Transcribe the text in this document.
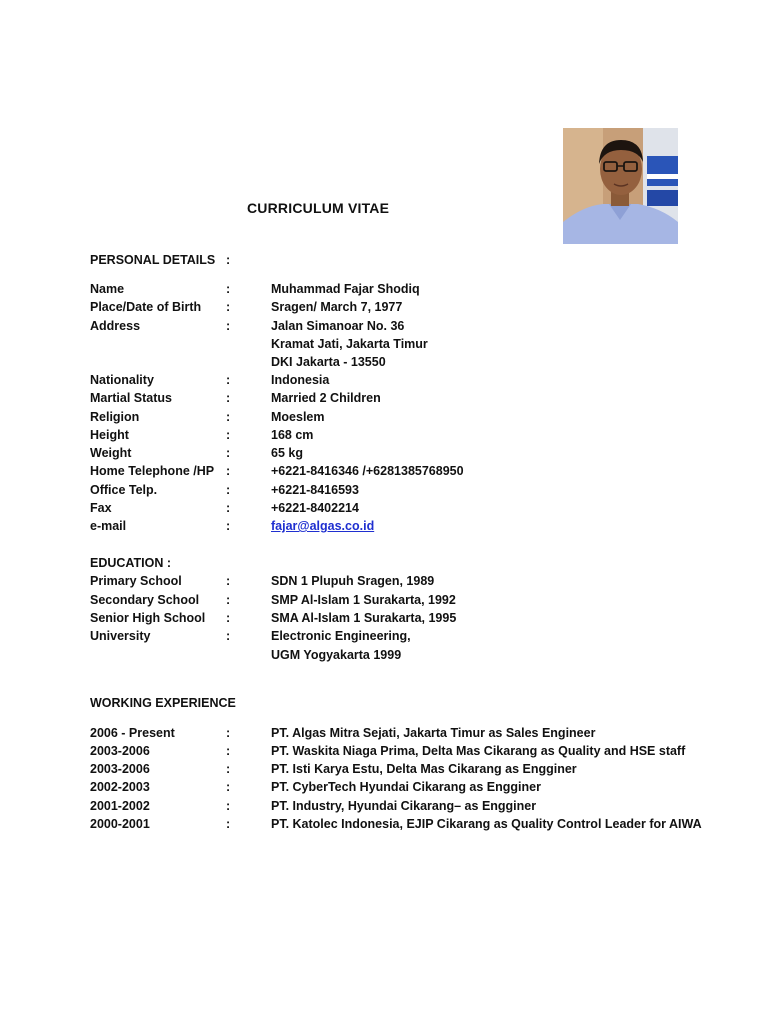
CURRICULUM VITAE
PERSONAL DETAILS :
Name	:	Muhammad Fajar Shodiq
Place/Date of Birth :	Sragen/ March 7, 1977
Address	:	Jalan Simanoar No. 36
Kramat Jati, Jakarta Timur
DKI Jakarta - 13550
Nationality	:	Indonesia
Martial Status	:	Married 2 Children
Religion	:	Moeslem
Height	:	168 cm
Weight	:	65 kg
Home Telephone /HP :	+6221-8416346 /+6281385768950
Office Telp.	:	+6221-8416593
Fax	:	+6221-8402214
e-mail	:	fajar@algas.co.id
EDUCATION :
Primary School	:	SDN 1 Plupuh Sragen, 1989
Secondary School :	SMP Al-Islam 1 Surakarta, 1992
Senior High School :	SMA Al-Islam 1 Surakarta, 1995
University	:	Electronic Engineering,
UGM Yogyakarta 1999
WORKING EXPERIENCE
2006 - Present	:	PT. Algas Mitra Sejati, Jakarta Timur as Sales Engineer
2003-2006	:	PT. Waskita Niaga Prima, Delta Mas Cikarang as Quality and HSE staff
2003-2006	:	PT. Isti Karya Estu, Delta Mas Cikarang as Engginer
2002-2003	:	PT. CyberTech Hyundai Cikarang as Engginer
2001-2002	:	PT. Industry, Hyundai Cikarang– as Engginer
2000-2001	:	PT. Katolec Indonesia, EJIP Cikarang as Quality Control Leader for AIWA
